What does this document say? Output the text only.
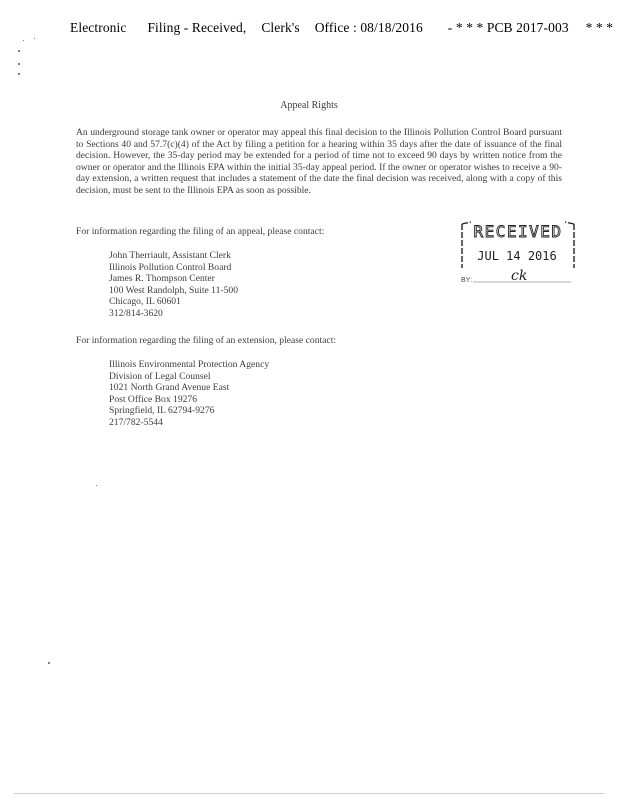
Electronic Filing - Received, Clerk's Office : 08/18/2016 - * * * PCB 2017-003 * * *
Appeal Rights
An underground storage tank owner or operator may appeal this final decision to the Illinois Pollution Control Board pursuant to Sections 40 and 57.7(c)(4) of the Act by filing a petition for a hearing within 35 days after the date of issuance of the final decision. However, the 35-day period may be extended for a period of time not to exceed 90 days by written notice from the owner or operator and the Illinois EPA within the initial 35-day appeal period. If the owner or operator wishes to receive a 90-day extension, a written request that includes a statement of the date the final decision was received, along with a copy of this decision, must be sent to the Illinois EPA as soon as possible.
For information regarding the filing of an appeal, please contact:
John Therriault, Assistant Clerk
Illinois Pollution Control Board
James R. Thompson Center
100 West Randolph, Suite 11-500
Chicago, IL 60601
312/814-3620
For information regarding the filing of an extension, please contact:
Illinois Environmental Protection Agency
Division of Legal Counsel
1021 North Grand Avenue East
Post Office Box 19276
Springfield, IL 62794-9276
217/782-5544
RECEIVED
JUL 14 2016
BY:	ck
